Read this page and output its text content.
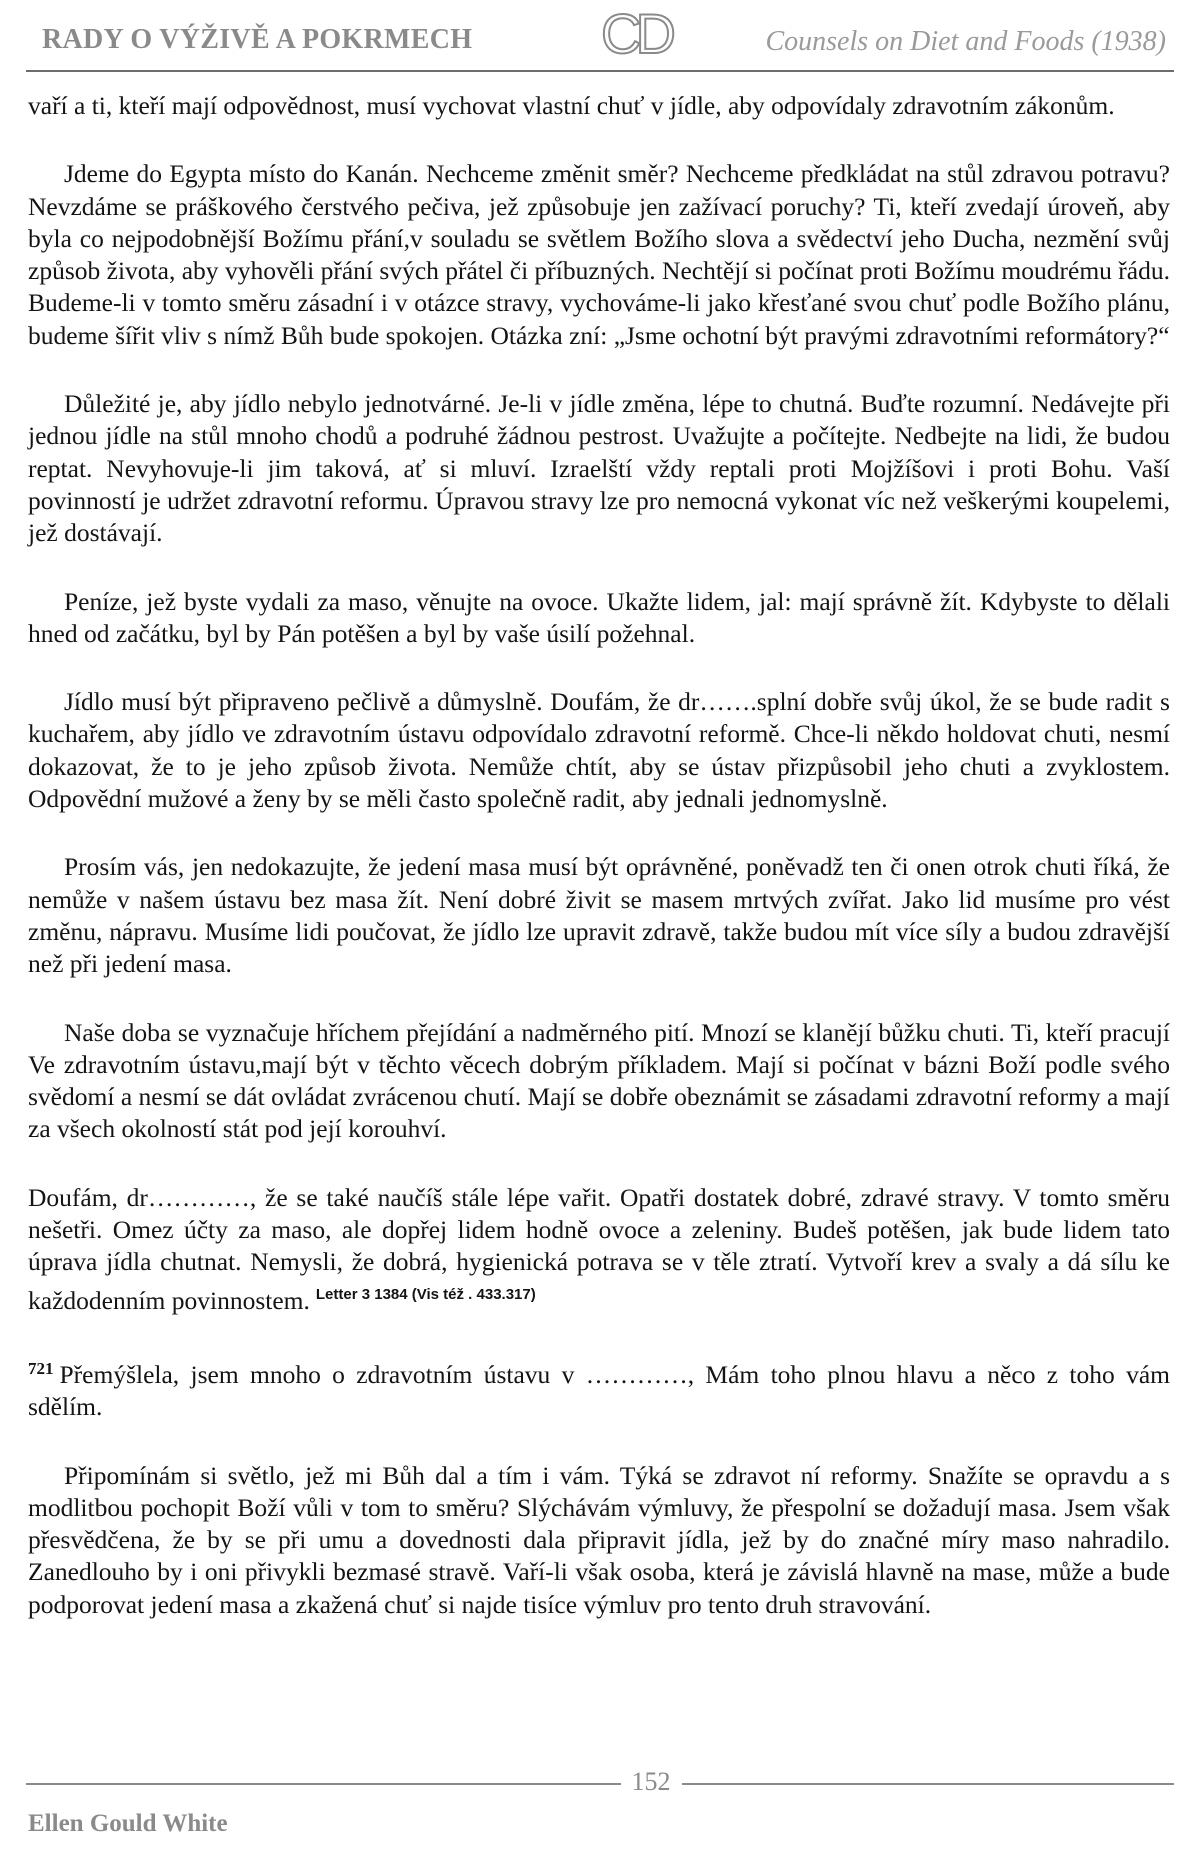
RADY O VÝŽIVĚ A POKRMECH CD	Counsels on Diet and Foods (1938)

vaří a ti, kteří mají odpovědnost, musí vychovat vlastní chuť v jídle, aby odpovídaly zdravotním zákonům.

Jdeme do Egypta místo do Kanán. Nechceme změnit směr? Nechceme předkládat na stůl zdravou potravu? Nevzdáme se práškového čerstvého pečiva, jež způsobuje jen zažívací poruchy? Ti, kteří zvedají úroveň, aby byla co nejpodobnější Božímu přání,v souladu se světlem Božího slova a svědectví jeho Ducha, nezmění svůj způsob života, aby vyhověli přání svých přátel či příbuzných. Nechtějí si počínat proti Božímu moudrému řádu. Budeme-li v tomto směru zásadní i v otázce stravy, vychováme-li jako křesťané svou chuť podle Božího plánu, budeme šířit vliv s nímž Bůh bude spokojen. Otázka zní: „Jsme ochotní být pravými zdravotními reformátory?“

Důležité je, aby jídlo nebylo jednotvárné. Je-li v jídle změna, lépe to chutná. Buďte rozumní. Nedávejte při jednou jídle na stůl mnoho chodů a podruhé žádnou pestrost. Uvažujte a počítejte. Nedbejte na lidi, že budou reptat. Nevyhovuje-li jim taková, ať si mluví. Izraelští vždy reptali proti Mojžíšovi i proti Bohu. Vaší povinností je udržet zdravotní reformu. Úpravou stravy lze pro nemocná vykonat víc než veškerými koupelemi, jež dostávají.

Peníze, jež byste vydali za maso, věnujte na ovoce. Ukažte lidem, jal: mají správně žít. Kdybyste to dělali hned od začátku, byl by Pán potěšen a byl by vaše úsilí požehnal.

Jídlo musí být připraveno pečlivě a důmyslně. Doufám, že dr…….splní dobře svůj úkol, že se bude radit s kuchařem, aby jídlo ve zdravotním ústavu odpovídalo zdravotní reformě. Chce-li někdo holdovat chuti, nesmí dokazovat, že to je jeho způsob života. Nemůže chtít, aby se ústav přizpůsobil jeho chuti a zvyklostem. Odpovědní mužové a ženy by se měli často společně radit, aby jednali jednomyslně.

Prosím vás, jen nedokazujte, že jedení masa musí být oprávněné, poněvadž ten či onen otrok chuti říká, že nemůže v našem ústavu bez masa žít. Není dobré živit se masem mrtvých zvířat. Jako lid musíme pro vést změnu, nápravu. Musíme lidi poučovat, že jídlo lze upravit zdravě, takže budou mít více síly a budou zdravější než při jedení masa.

Naše doba se vyznačuje hříchem přejídání a nadměrného pití. Mnozí se klanějí bůžku chuti. Ti, kteří pracují Ve zdravotním ústavu,mají být v těchto věcech dobrým příkladem. Mají si počínat v bázni Boží podle svého svědomí a nesmí se dát ovládat zvrácenou chutí. Mají se dobře obeznámit se zásadami zdravotní reformy a mají za všech okolností stát pod její korouhví.

Doufám, dr…………, že se také naučíš stále lépe vařit. Opatři dostatek dobré, zdravé stravy. V tomto směru nešetři. Omez účty za maso, ale dopřej lidem hodně ovoce a zeleniny. Budeš potěšen, jak bude lidem tato úprava jídla chutnat. Nemysli, že dobrá, hygienická potrava se v těle ztratí. Vytvoří krev a svaly a dá sílu ke každodenním povinnostem. $^{Letter 3 1384 (Vis též . 433.317)}$

$^{721}$ Přemýšlela, jsem mnoho o zdravotním ústavu v …………, Mám toho plnou hlavu a něco z toho vám sdělím.

Připomínám si světlo, jež mi Bůh dal a tím i vám. Týká se zdravot ní reformy. Snažíte se opravdu a s modlitbou pochopit Boží vůli v tom to směru? Slýchávám výmluvy, že přespolní se dožadují masa. Jsem však přesvědčena, že by se při umu a dovednosti dala připravit jídla, jež by do značné míry maso nahradilo. Zanedlouho by i oni přivykli bezmasé stravě. Vaří-li však osoba, která je závislá hlavně na mase, může a bude podporovat jedení masa a zkažená chuť si najde tisíce výmluv pro tento druh stravování.

152
Ellen Gould White
